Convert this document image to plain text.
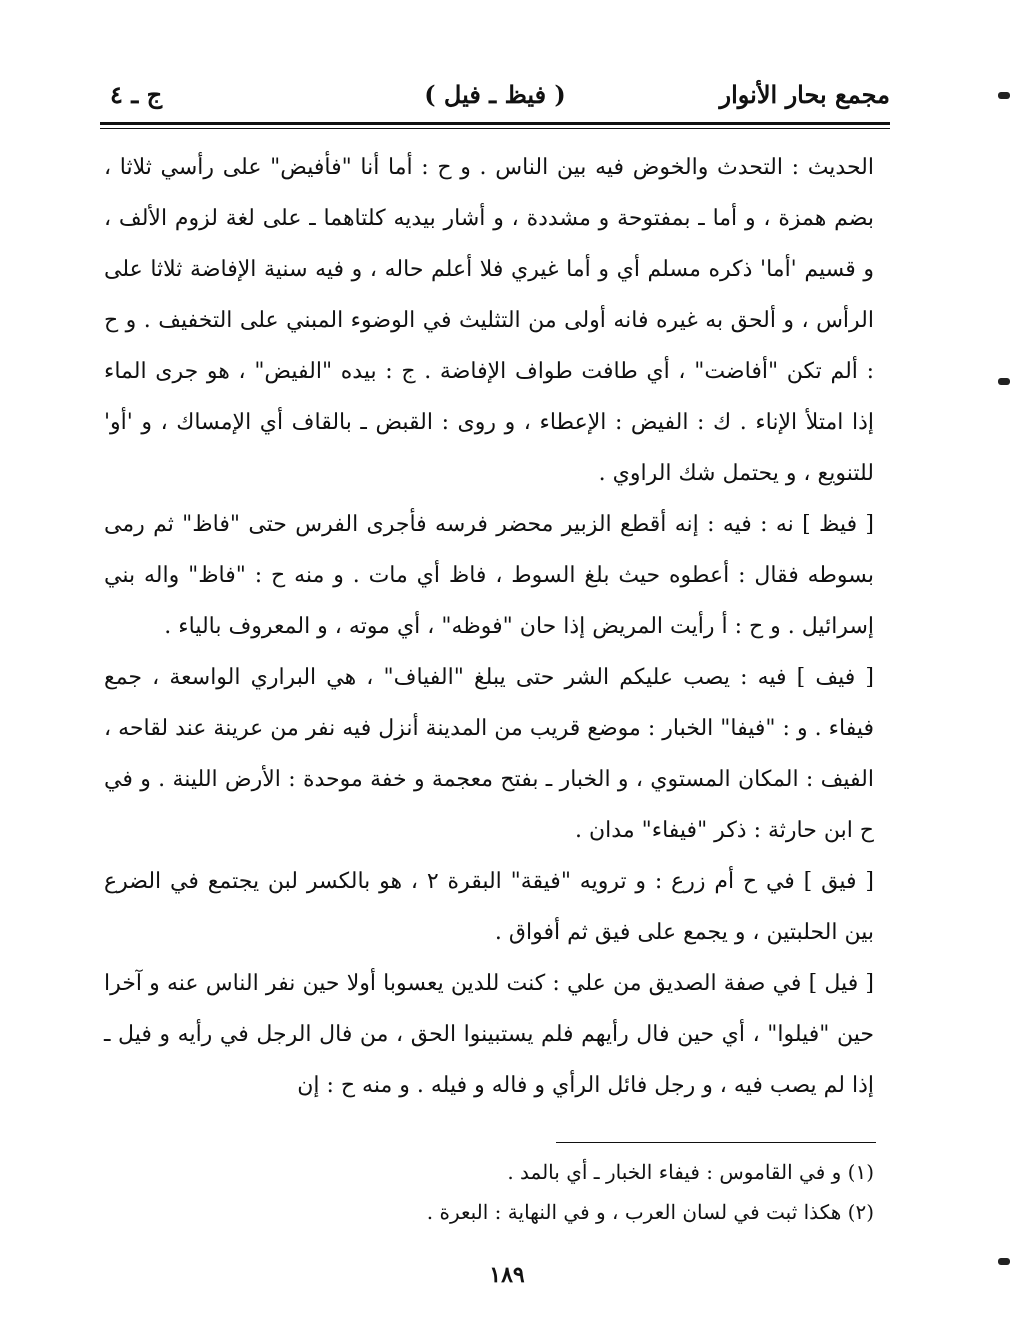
مجمع بحار الأنوار
( فيظ ـ فيل )
ج ـ ٤

الحديث : التحدث والخوض فيه بين الناس . و ح : أما أنا "فأفيض" على رأسي ثلاثا ، بضم همزة ، و أما ـ بمفتوحة و مشددة ، و أشار بيديه كلتاهما ـ على لغة لزوم الألف ، و قسيم 'أما' ذكره مسلم أي و أما غيري فلا أعلم حاله ، و فيه سنية الإفاضة ثلاثا على الرأس ، و ألحق به غيره فانه أولى من التثليث في الوضوء المبني على التخفيف . و ح : ألم تكن "أفاضت" ، أي طافت طواف الإفاضة . ج : بيده "الفيض" ، هو جرى الماء إذا امتلأ الإناء . ك : الفيض : الإعطاء ، و روى : القبض ـ بالقاف أي الإمساك ، و 'أو' للتنويع ، و يحتمل شك الراوي .

[ فيظ ] نه : فيه : إنه أقطع الزبير محضر فرسه فأجرى الفرس حتى "فاظ" ثم رمى بسوطه فقال : أعطوه حيث بلغ السوط ، فاظ أي مات . و منه ح : "فاظ" واله بني إسرائيل . و ح : أ رأيت المريض إذا حان "فوظه" ، أي موته ، و المعروف بالياء .

[ فيف ] فيه : يصب عليكم الشر حتى يبلغ "الفياف" ، هي البراري الواسعة ، جمع فيفاء . و : "فيفا" الخبار : موضع قريب من المدينة أنزل فيه نفر من عرينة عند لقاحه ، الفيف : المكان المستوي ، و الخبار ـ بفتح معجمة و خفة موحدة : الأرض اللينة . و في ح ابن حارثة : ذكر "فيفاء" مدان .

[ فيق ] في ح أم زرع : و ترويه "فيقة" البقرة ٢ ، هو بالكسر لبن يجتمع في الضرع بين الحلبتين ، و يجمع على فيق ثم أفواق .

[ فيل ] في صفة الصديق من علي : كنت للدين يعسوبا أولا حين نفر الناس عنه و آخرا حين "فيلوا" ، أي حين فال رأيهم فلم يستبينوا الحق ، من فال الرجل في رأيه و فيل ـ إذا لم يصب فيه ، و رجل فائل الرأي و فاله و فيله . و منه ح : إن

(١) و في القاموس : فيفاء الخبار ـ أي بالمد .

(٢) هكذا ثبت في لسان العرب ، و في النهاية : البعرة .

١٨٩
